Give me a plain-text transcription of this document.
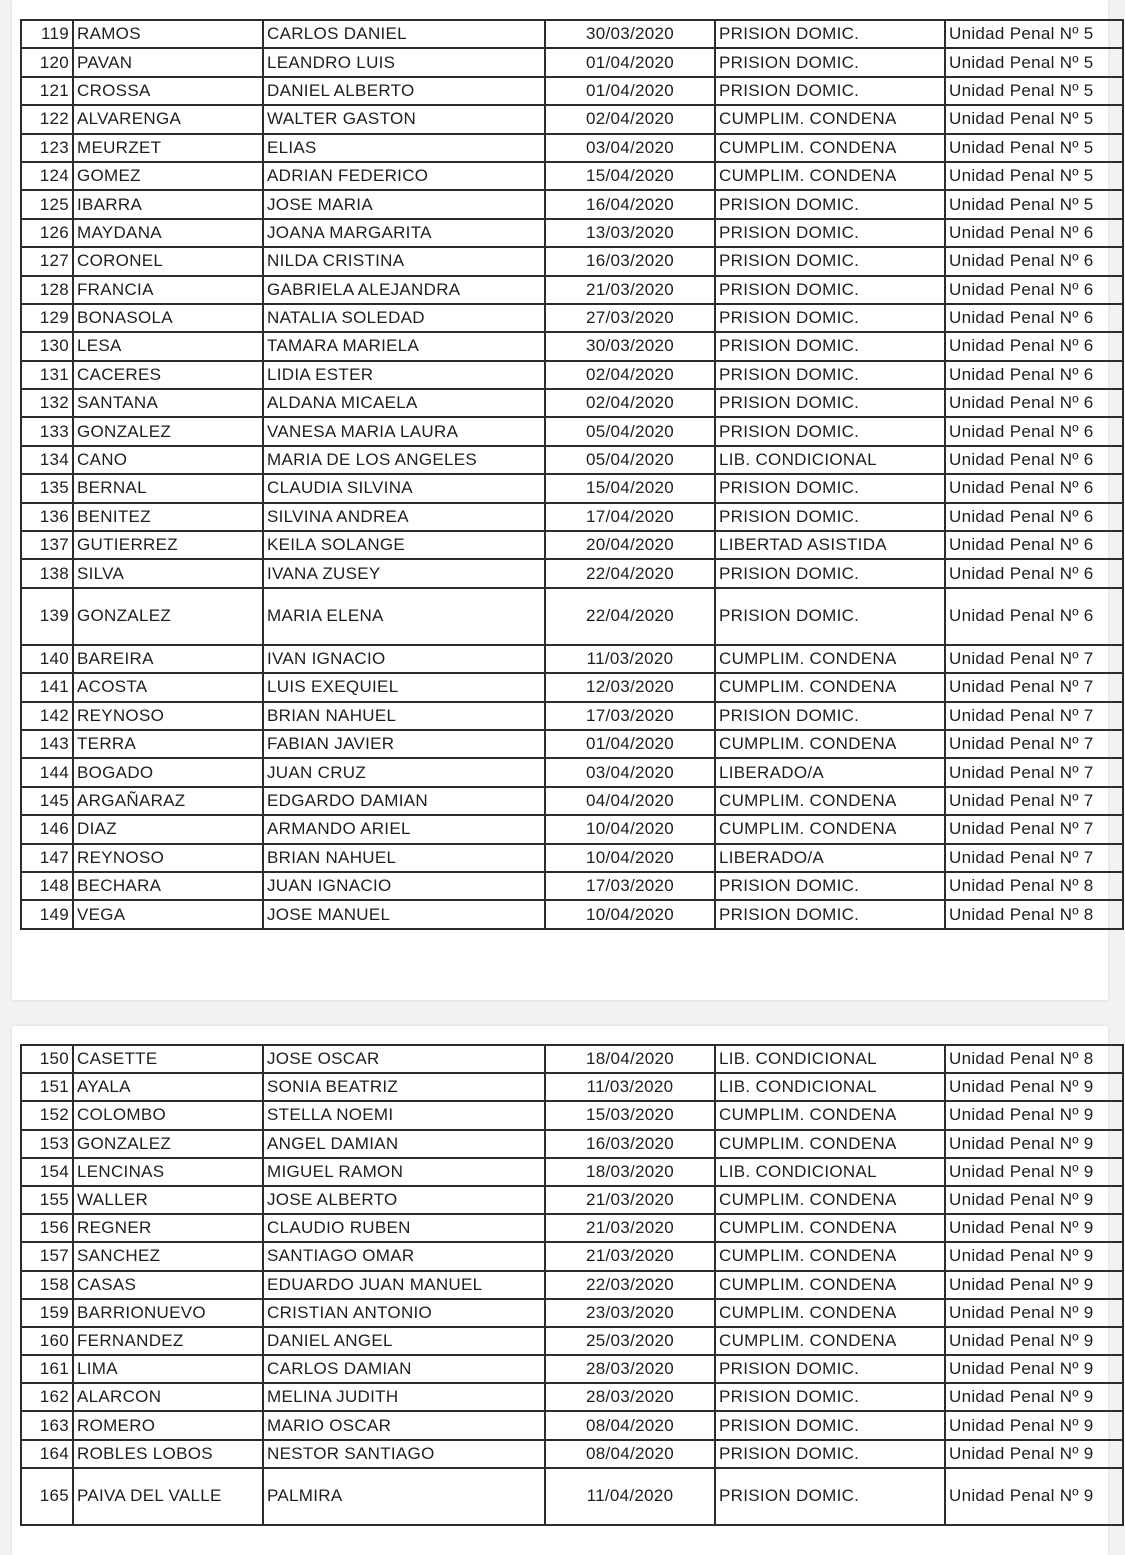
119	RAMOS	CARLOS DANIEL	30/03/2020	PRISION DOMIC.	Unidad Penal Nº 5
120	PAVAN	LEANDRO LUIS	01/04/2020	PRISION DOMIC.	Unidad Penal Nº 5
121	CROSSA	DANIEL ALBERTO	01/04/2020	PRISION DOMIC.	Unidad Penal Nº 5
122	ALVARENGA	WALTER GASTON	02/04/2020	CUMPLIM. CONDENA	Unidad Penal Nº 5
123	MEURZET	ELIAS	03/04/2020	CUMPLIM. CONDENA	Unidad Penal Nº 5
124	GOMEZ	ADRIAN FEDERICO	15/04/2020	CUMPLIM. CONDENA	Unidad Penal Nº 5
125	IBARRA	JOSE MARIA	16/04/2020	PRISION DOMIC.	Unidad Penal Nº 5
126	MAYDANA	JOANA MARGARITA	13/03/2020	PRISION DOMIC.	Unidad Penal Nº 6
127	CORONEL	NILDA CRISTINA	16/03/2020	PRISION DOMIC.	Unidad Penal Nº 6
128	FRANCIA	GABRIELA ALEJANDRA	21/03/2020	PRISION DOMIC.	Unidad Penal Nº 6
129	BONASOLA	NATALIA SOLEDAD	27/03/2020	PRISION DOMIC.	Unidad Penal Nº 6
130	LESA	TAMARA MARIELA	30/03/2020	PRISION DOMIC.	Unidad Penal Nº 6
131	CACERES	LIDIA ESTER	02/04/2020	PRISION DOMIC.	Unidad Penal Nº 6
132	SANTANA	ALDANA MICAELA	02/04/2020	PRISION DOMIC.	Unidad Penal Nº 6
133	GONZALEZ	VANESA MARIA LAURA	05/04/2020	PRISION DOMIC.	Unidad Penal Nº 6
134	CANO	MARIA DE LOS ANGELES	05/04/2020	LIB. CONDICIONAL	Unidad Penal Nº 6
135	BERNAL	CLAUDIA SILVINA	15/04/2020	PRISION DOMIC.	Unidad Penal Nº 6
136	BENITEZ	SILVINA ANDREA	17/04/2020	PRISION DOMIC.	Unidad Penal Nº 6
137	GUTIERREZ	KEILA SOLANGE	20/04/2020	LIBERTAD ASISTIDA	Unidad Penal Nº 6
138	SILVA	IVANA ZUSEY	22/04/2020	PRISION DOMIC.	Unidad Penal Nº 6
139	GONZALEZ	MARIA ELENA	22/04/2020	PRISION DOMIC.	Unidad Penal Nº 6
140	BAREIRA	IVAN IGNACIO	11/03/2020	CUMPLIM. CONDENA	Unidad Penal Nº 7
141	ACOSTA	LUIS EXEQUIEL	12/03/2020	CUMPLIM. CONDENA	Unidad Penal Nº 7
142	REYNOSO	BRIAN NAHUEL	17/03/2020	PRISION DOMIC.	Unidad Penal Nº 7
143	TERRA	FABIAN JAVIER	01/04/2020	CUMPLIM. CONDENA	Unidad Penal Nº 7
144	BOGADO	JUAN CRUZ	03/04/2020	LIBERADO/A	Unidad Penal Nº 7
145	ARGAÑARAZ	EDGARDO DAMIAN	04/04/2020	CUMPLIM. CONDENA	Unidad Penal Nº 7
146	DIAZ	ARMANDO ARIEL	10/04/2020	CUMPLIM. CONDENA	Unidad Penal Nº 7
147	REYNOSO	BRIAN NAHUEL	10/04/2020	LIBERADO/A	Unidad Penal Nº 7
148	BECHARA	JUAN IGNACIO	17/03/2020	PRISION DOMIC.	Unidad Penal Nº 8
149	VEGA	JOSE MANUEL	10/04/2020	PRISION DOMIC.	Unidad Penal Nº 8
150	CASETTE	JOSE OSCAR	18/04/2020	LIB. CONDICIONAL	Unidad Penal Nº 8
151	AYALA	SONIA BEATRIZ	11/03/2020	LIB. CONDICIONAL	Unidad Penal Nº 9
152	COLOMBO	STELLA NOEMI	15/03/2020	CUMPLIM. CONDENA	Unidad Penal Nº 9
153	GONZALEZ	ANGEL DAMIAN	16/03/2020	CUMPLIM. CONDENA	Unidad Penal Nº 9
154	LENCINAS	MIGUEL RAMON	18/03/2020	LIB. CONDICIONAL	Unidad Penal Nº 9
155	WALLER	JOSE ALBERTO	21/03/2020	CUMPLIM. CONDENA	Unidad Penal Nº 9
156	REGNER	CLAUDIO RUBEN	21/03/2020	CUMPLIM. CONDENA	Unidad Penal Nº 9
157	SANCHEZ	SANTIAGO OMAR	21/03/2020	CUMPLIM. CONDENA	Unidad Penal Nº 9
158	CASAS	EDUARDO JUAN MANUEL	22/03/2020	CUMPLIM. CONDENA	Unidad Penal Nº 9
159	BARRIONUEVO	CRISTIAN ANTONIO	23/03/2020	CUMPLIM. CONDENA	Unidad Penal Nº 9
160	FERNANDEZ	DANIEL ANGEL	25/03/2020	CUMPLIM. CONDENA	Unidad Penal Nº 9
161	LIMA	CARLOS DAMIAN	28/03/2020	PRISION DOMIC.	Unidad Penal Nº 9
162	ALARCON	MELINA JUDITH	28/03/2020	PRISION DOMIC.	Unidad Penal Nº 9
163	ROMERO	MARIO OSCAR	08/04/2020	PRISION DOMIC.	Unidad Penal Nº 9
164	ROBLES LOBOS	NESTOR SANTIAGO	08/04/2020	PRISION DOMIC.	Unidad Penal Nº 9
165	PAIVA DEL VALLE	PALMIRA	11/04/2020	PRISION DOMIC.	Unidad Penal Nº 9
